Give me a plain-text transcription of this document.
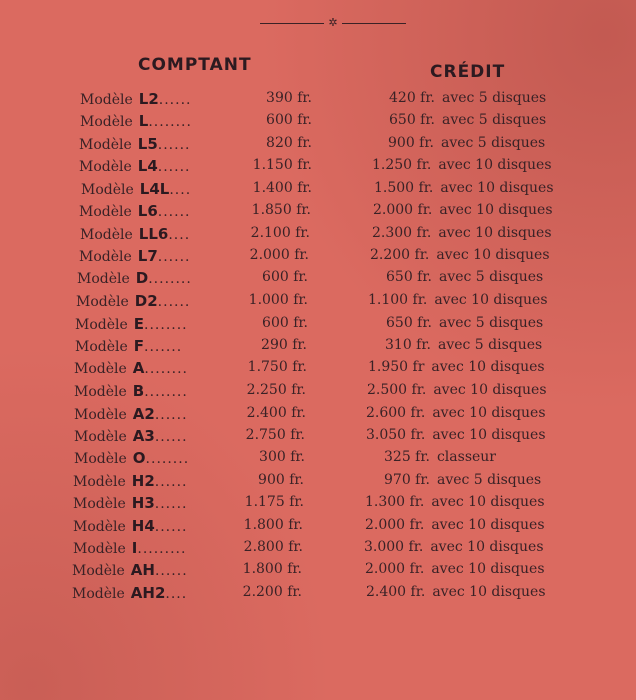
✲
COMPTANT	CRÉDIT
Modèle L2......	390 fr.	420 fr. avec 5 disques
Modèle L........	600 fr.	650 fr. avec 5 disques
Modèle L5......	820 fr.	900 fr. avec 5 disques
Modèle L4......	1.150 fr.	1.250 fr. avec 10 disques
Modèle L4L....	1.400 fr.	1.500 fr. avec 10 disques
Modèle L6......	1.850 fr.	2.000 fr. avec 10 disques
Modèle LL6....	2.100 fr.	2.300 fr. avec 10 disques
Modèle L7......	2.000 fr.	2.200 fr. avec 10 disques
Modèle D........	600 fr.	650 fr. avec 5 disques
Modèle D2......	1.000 fr.	1.100 fr. avec 10 disques
Modèle E........	600 fr.	650 fr. avec 5 disques
Modèle F.......	290 fr.	310 fr. avec 5 disques
Modèle A........	1.750 fr.	1.950 fr avec 10 disques
Modèle B........	2.250 fr.	2.500 fr. avec 10 disques
Modèle A2......	2.400 fr.	2.600 fr. avec 10 disques
Modèle A3......	2.750 fr.	3.050 fr. avec 10 disques
Modèle O........	300 fr.	325 fr. classeur
Modèle H2......	900 fr.	970 fr. avec 5 disques
Modèle H3......	1.175 fr.	1.300 fr. avec 10 disques
Modèle H4......	1.800 fr.	2.000 fr. avec 10 disques
Modèle I.........	2.800 fr.	3.000 fr. avec 10 disques
Modèle AH......	1.800 fr.	2.000 fr. avec 10 disques
Modèle AH2....	2.200 fr.	2.400 fr. avec 10 disques
